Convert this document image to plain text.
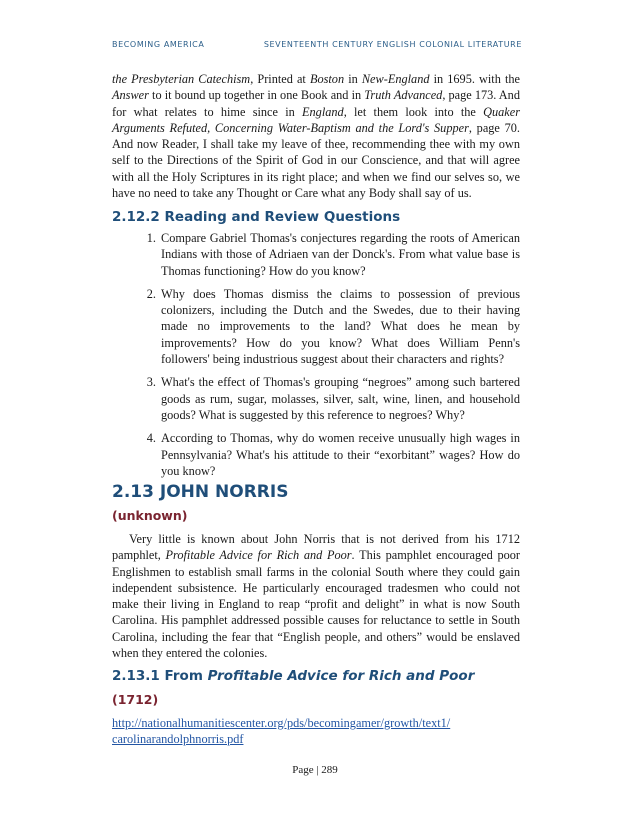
BECOMING AMERICA	SEVENTEENTH CENTURY ENGLISH COLONIAL LITERATURE

the Presbyterian Catechism, Printed at Boston in New-England in 1695. with the Answer to it bound up together in one Book and in Truth Advanced, page 173. And for what relates to hime since in England, let them look into the Quaker Arguments Refuted, Concerning Water-Baptism and the Lord's Supper, page 70. And now Reader, I shall take my leave of thee, recommending thee with my own self to the Directions of the Spirit of God in our Conscience, and that will agree with all the Holy Scriptures in its right place; and when we find our selves so, we have no need to take any Thought or Care what any Body shall say of us.

2.12.2 Reading and Review Questions
1. Compare Gabriel Thomas's conjectures regarding the roots of American Indians with those of Adriaen van der Donck's. From what value base is Thomas functioning? How do you know?
2. Why does Thomas dismiss the claims to possession of previous colonizers, including the Dutch and the Swedes, due to their having made no improvements to the land? What does he mean by improvements? How do you know? What does William Penn's followers' being industrious suggest about their characters and rights?
3. What's the effect of Thomas's grouping “negroes” among such bartered goods as rum, sugar, molasses, silver, salt, wine, linen, and household goods? What is suggested by this reference to negroes? Why?
4. According to Thomas, why do women receive unusually high wages in Pennsylvania? What's his attitude to their “exorbitant” wages? How do you know?
2.13 JOHN NORRIS
(unknown)

Very little is known about John Norris that is not derived from his 1712 pamphlet, Profitable Advice for Rich and Poor. This pamphlet encouraged poor Englishmen to establish small farms in the colonial South where they could gain independent subsistence. He particularly encouraged tradesmen who could not make their living in England to reap “profit and delight” in what is now South Carolina. His pamphlet addressed possible causes for reluctance to settle in South Carolina, including the fear that “English people, and others” would be enslaved when they entered the colonies.

2.13.1 From Profitable Advice for Rich and Poor
(1712)

http://nationalhumanitiescenter.org/pds/becomingamer/growth/text1/
carolinarandolphnorris.pdf

Page | 289
